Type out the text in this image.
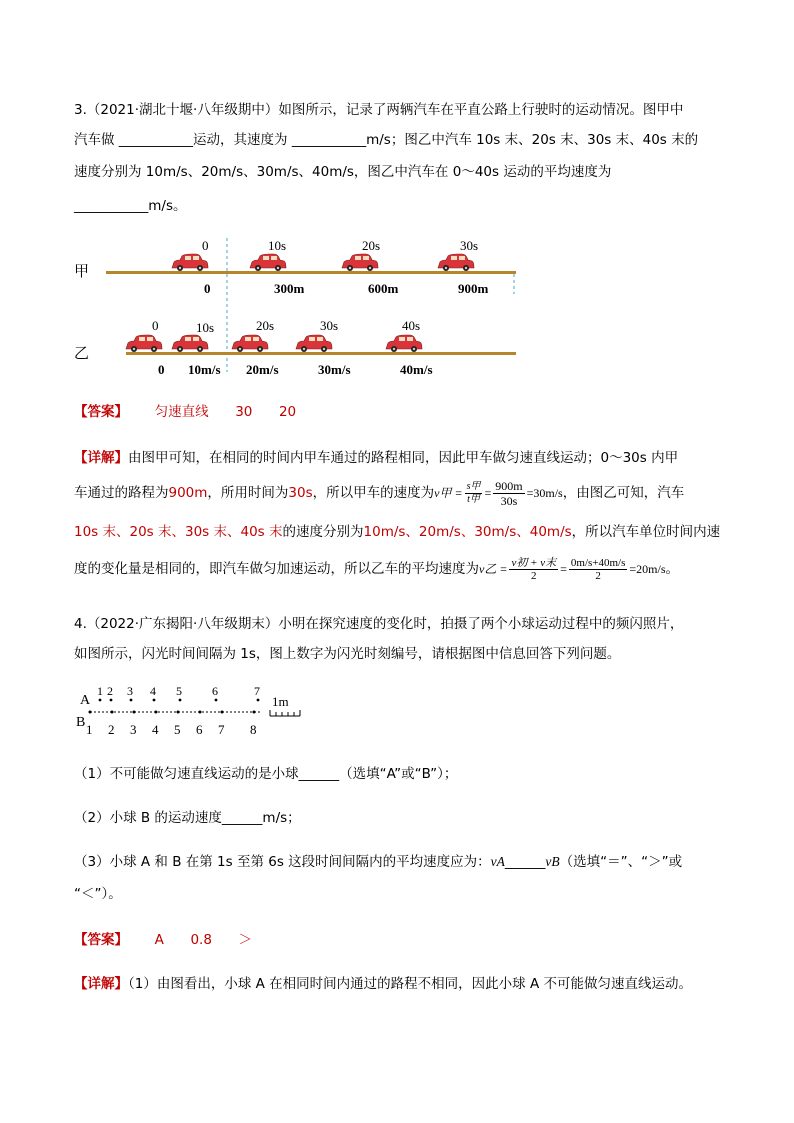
3.（2021·湖北十堰·八年级期中）如图所示，记录了两辆汽车在平直公路上行驶时的运动情况。图甲中
汽车做 ___________运动，其速度为 ___________m/s；图乙中汽车 10s 末、20s 末、30s 末、40s 末的
速度分别为 10m/s、20m/s、30m/s、40m/s，图乙中汽车在 0～40s 运动的平均速度为
___________m/s。
甲
0	10s	20s	30s
0	300m	600m	900m
乙
0	10s	20s	30s	40s
0 10m/s 20m/s	30m/s	40m/s
【答案】 匀速直线 30 20
【详解】由图甲可知，在相同的时间内甲车通过的路程相同，因此甲车做匀速直线运动；0～30s 内甲
车通过的路程为900m，所用时间为30s，所以甲车的速度为v甲 = $\frac{\text{s甲}}{\text{t甲}} = \frac{900m}{30s} =30m/s$，由图乙可知，汽车
10s 末、20s 末、30s 末、40s 末的速度分别为10m/s、20m/s、30m/s、40m/s，所以汽车单位时间内速
度的变化量是相同的，即汽车做匀加速运动，所以乙车的平均速度为v乙 = $\frac{\text{v初 + v末}}{2} = \frac{0m/s+40m/s}{2} =20m/s$。
4.（2022·广东揭阳·八年级期末）小明在探究速度的变化时，拍摄了两个小球运动过程中的频闪照片，
如图所示，闪光时间间隔为 1s，图上数字为闪光时刻编号，请根据图中信息回答下列问题。
A
B
1 2 3 4 5	6	7
1 2 3 4 5 6 7 8
1m
（1）不可能做匀速直线运动的是小球______（选填“A”或“B”）；
（2）小球 B 的运动速度______m/s；
（3）小球 A 和 B 在第 1s 至第 6s 这段时间间隔内的平均速度应为：vA______vB（选填“＝”、“＞”或
“＜”）。
【答案】 A 0.8 ＞
【详解】（1）由图看出，小球 A 在相同时间内通过的路程不相同，因此小球 A 不可能做匀速直线运动。
